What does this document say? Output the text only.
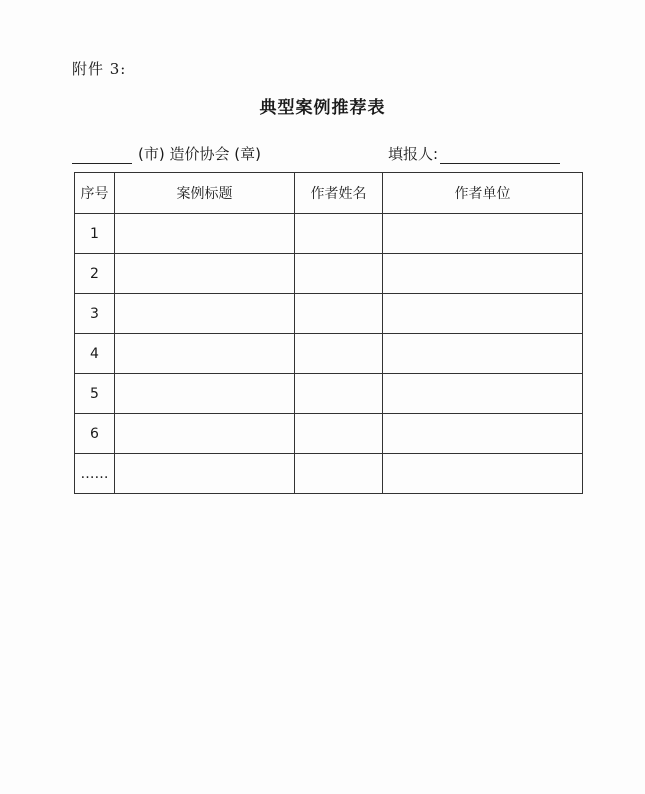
附件 3:
典型案例推荐表
(市) 造价协会 (章)	填报人:
序号	案例标题	作者姓名	作者单位
1			
2			
3			
4			
5			
6			
……			
